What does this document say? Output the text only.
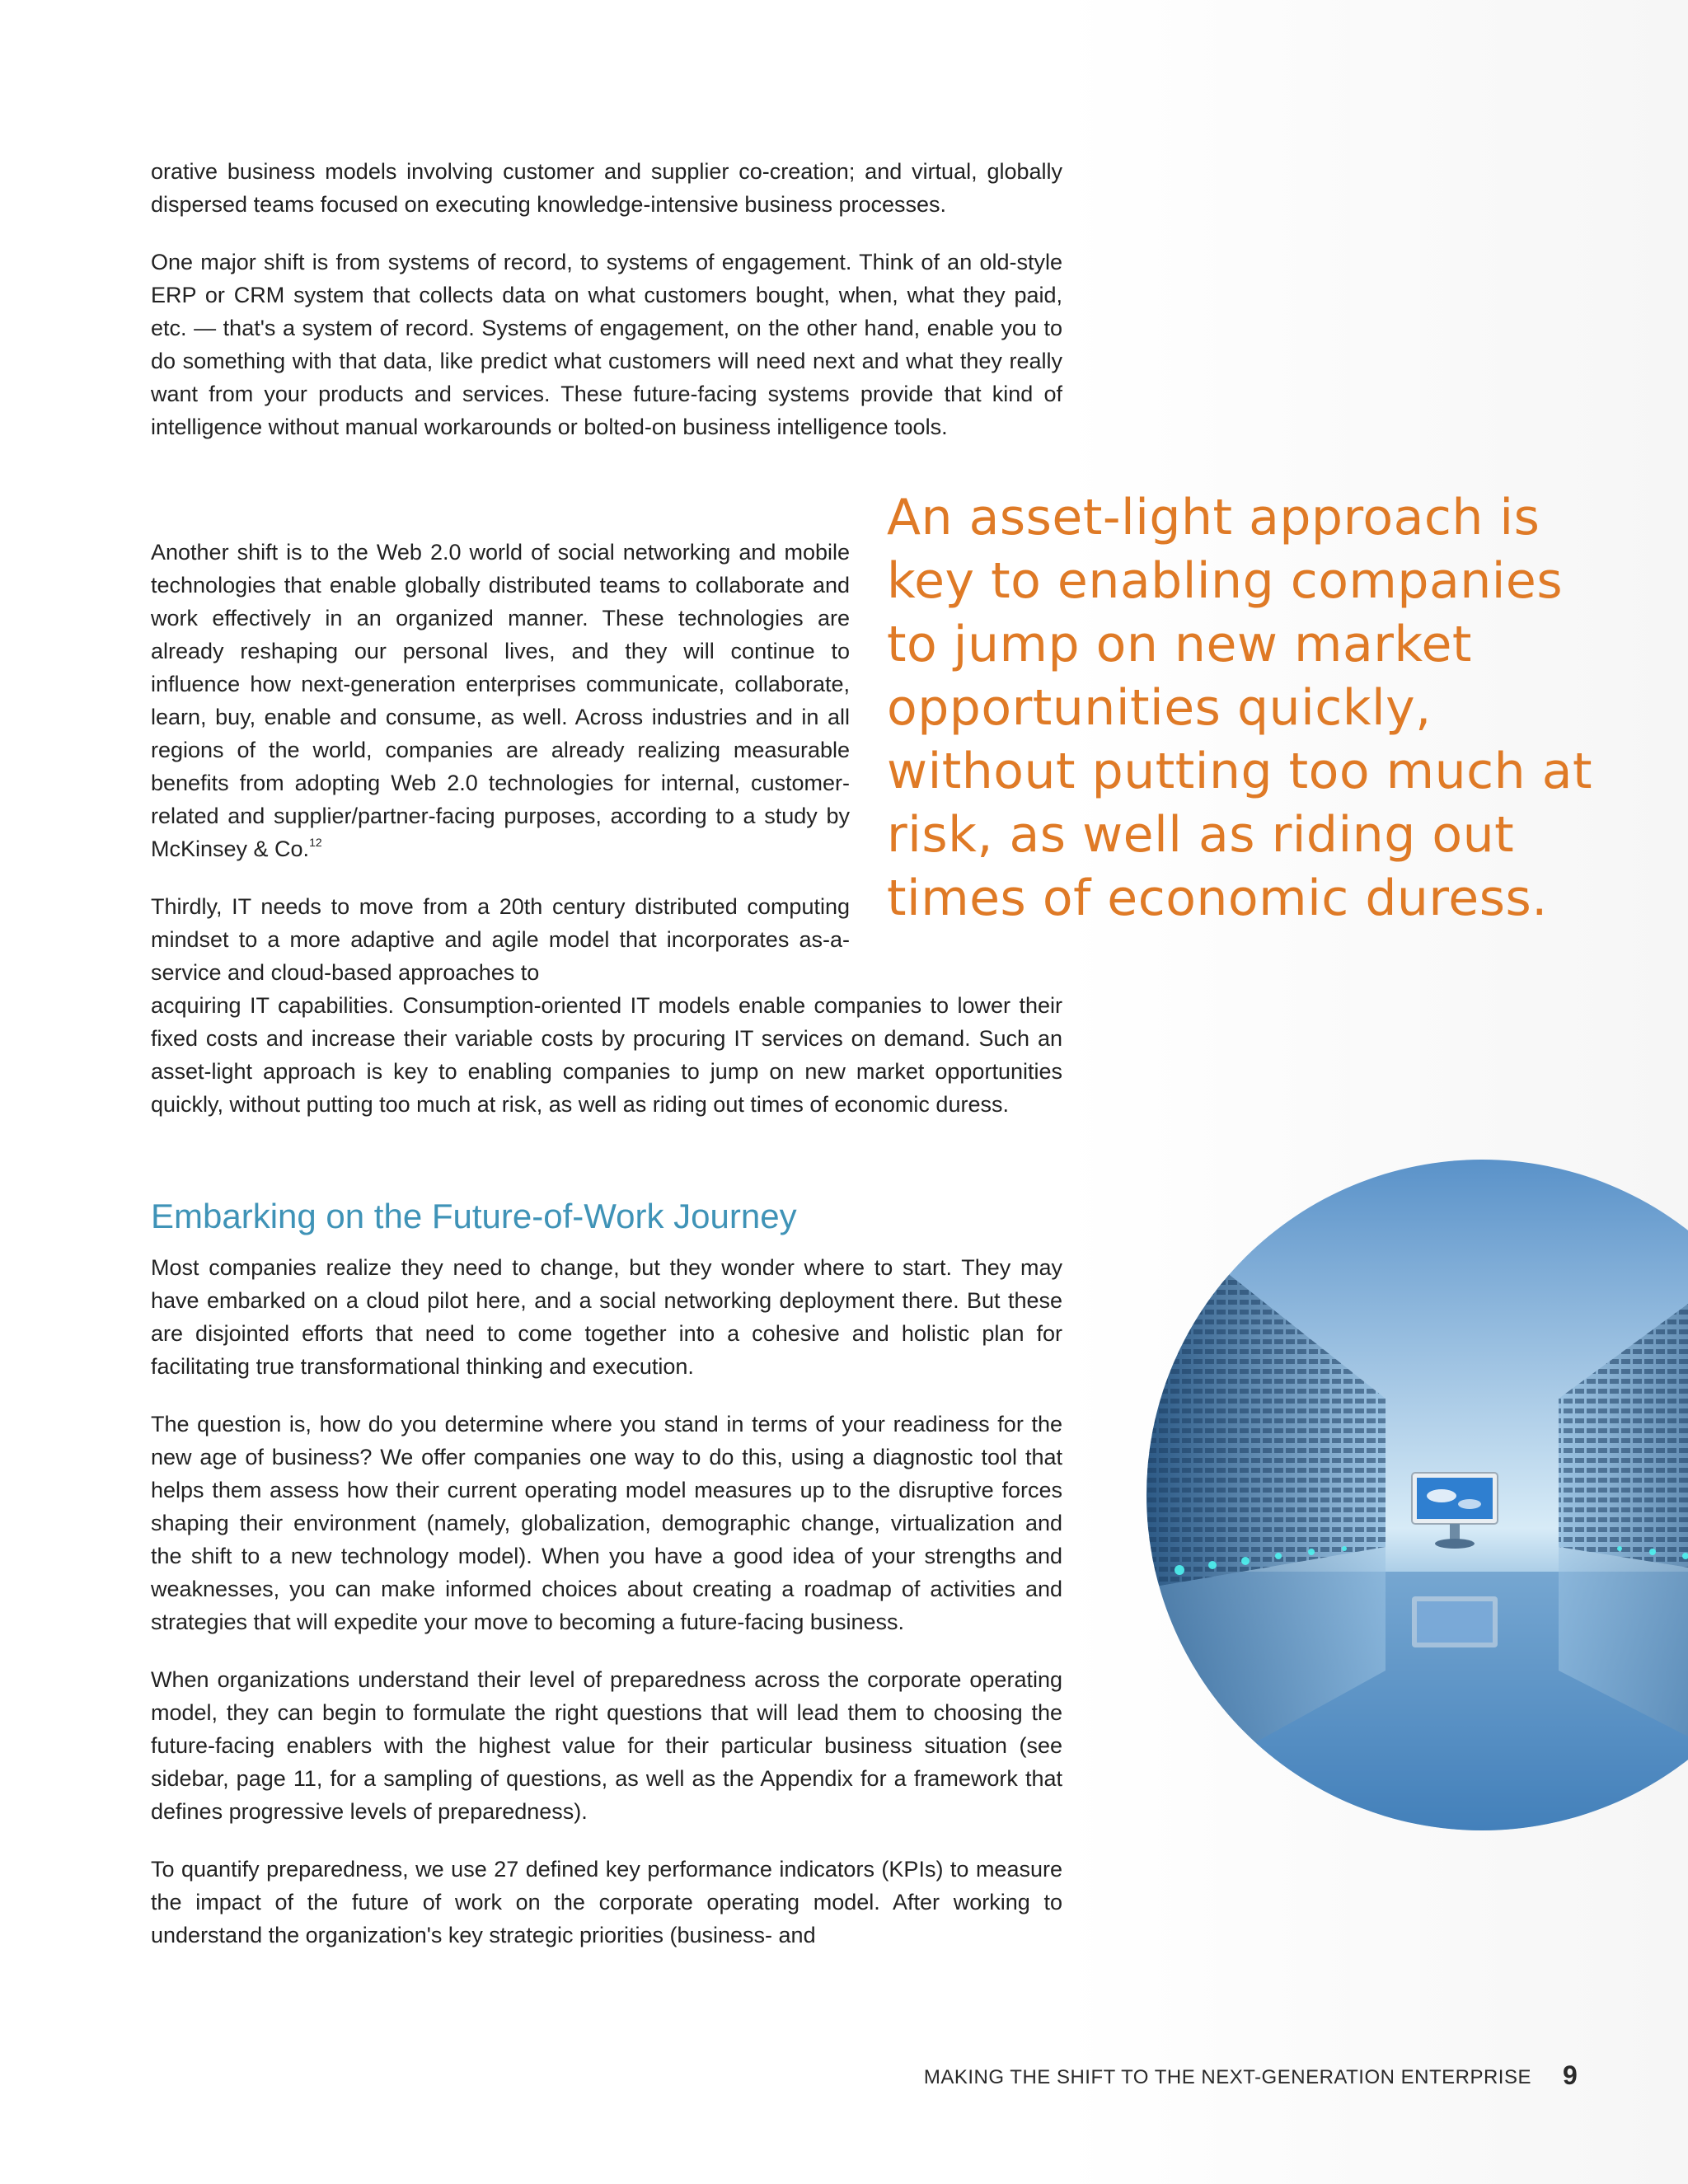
orative business models involving customer and supplier co-creation; and virtual, globally dispersed teams focused on executing knowledge-intensive business processes.

One major shift is from systems of record, to systems of engagement. Think of an old-style ERP or CRM system that collects data on what customers bought, when, what they paid, etc. — that's a system of record. Systems of engagement, on the other hand, enable you to do something with that data, like predict what customers will need next and what they really want from your products and services. These future-facing systems provide that kind of intelligence without manual workarounds or bolted-on business intelligence tools.

Another shift is to the Web 2.0 world of social networking and mobile technologies that enable globally distributed teams to collaborate and work effectively in an organized manner. These technologies are already reshaping our personal lives, and they will continue to influence how next-generation enterprises communicate, collaborate, learn, buy, enable and consume, as well. Across industries and in all regions of the world, companies are already realizing measurable benefits from adopting Web 2.0 technologies for internal, customer-related and supplier/partner-facing purposes, according to a study by McKinsey & Co.$^{12}$

Thirdly, IT needs to move from a 20th century distributed computing mindset to a more adaptive and agile model that incorporates as-a-service and cloud-based approaches to

acquiring IT capabilities. Consumption-oriented IT models enable companies to lower their fixed costs and increase their variable costs by procuring IT services on demand. Such an asset-light approach is key to enabling companies to jump on new market opportunities quickly, without putting too much at risk, as well as riding out times of economic duress.

An asset-light approach is key to enabling companies to jump on new market opportunities quickly, without putting too much at risk, as well as riding out times of economic duress.

Embarking on the Future-of-Work Journey

Most companies realize they need to change, but they wonder where to start. They may have embarked on a cloud pilot here, and a social networking deployment there. But these are disjointed efforts that need to come together into a cohesive and holistic plan for facilitating true transformational thinking and execution.

The question is, how do you determine where you stand in terms of your readiness for the new age of business? We offer companies one way to do this, using a diagnostic tool that helps them assess how their current operating model measures up to the disruptive forces shaping their environment (namely, globalization, demographic change, virtualization and the shift to a new technology model). When you have a good idea of your strengths and weaknesses, you can make informed choices about creating a roadmap of activities and strategies that will expedite your move to becoming a future-facing business.

When organizations understand their level of preparedness across the corporate operating model, they can begin to formulate the right questions that will lead them to choosing the future-facing enablers with the highest value for their particular business situation (see sidebar, page 11, for a sampling of questions, as well as the Appendix for a framework that defines progressive levels of preparedness).

To quantify preparedness, we use 27 defined key performance indicators (KPIs) to measure the impact of the future of work on the corporate operating model. After working to understand the organization's key strategic priorities (business- and

MAKING THE SHIFT TO THE NEXT-GENERATION ENTERPRISE 9
